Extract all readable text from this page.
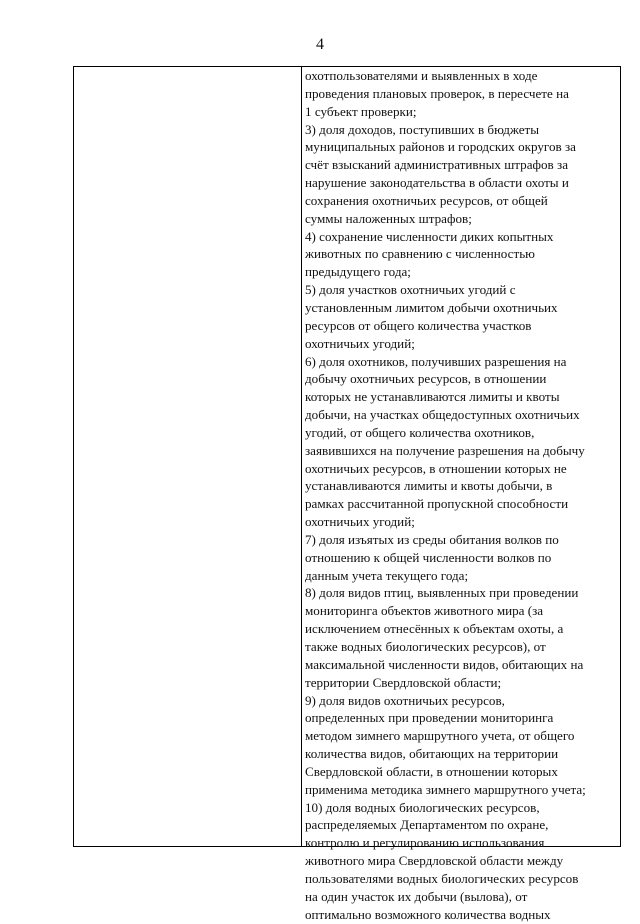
4
охотпользователями и выявленных в ходе
проведения плановых проверок, в пересчете на
1 субъект проверки;
3) доля доходов, поступивших в бюджеты
муниципальных районов и городских округов за
счёт взысканий административных штрафов за
нарушение законодательства в области охоты и
сохранения охотничьих ресурсов, от общей
суммы наложенных штрафов;
4) сохранение численности диких копытных
животных по сравнению с численностью
предыдущего года;
5) доля участков охотничьих угодий с
установленным лимитом добычи охотничьих
ресурсов от общего количества участков
охотничьих угодий;
6) доля охотников, получивших разрешения на
добычу охотничьих ресурсов, в отношении
которых не устанавливаются лимиты и квоты
добычи, на участках общедоступных охотничьих
угодий, от общего количества охотников,
заявившихся на получение разрешения на добычу
охотничьих ресурсов, в отношении которых не
устанавливаются лимиты и квоты добычи, в
рамках рассчитанной пропускной способности
охотничьих угодий;
7) доля изъятых из среды обитания волков по
отношению к общей численности волков по
данным учета текущего года;
8) доля видов птиц, выявленных при проведении
мониторинга объектов животного мира (за
исключением отнесённых к объектам охоты, а
также водных биологических ресурсов), от
максимальной численности видов, обитающих на
территории Свердловской области;
9) доля видов охотничьих ресурсов,
определенных при проведении мониторинга
методом зимнего маршрутного учета, от общего
количества видов, обитающих на территории
Свердловской области, в отношении которых
применима методика зимнего маршрутного учета;
10) доля водных биологических ресурсов,
распределяемых Департаментом по охране,
контролю и регулированию использования
животного мира Свердловской области между
пользователями водных биологических ресурсов
на один участок их добычи (вылова), от
оптимально возможного количества водных
